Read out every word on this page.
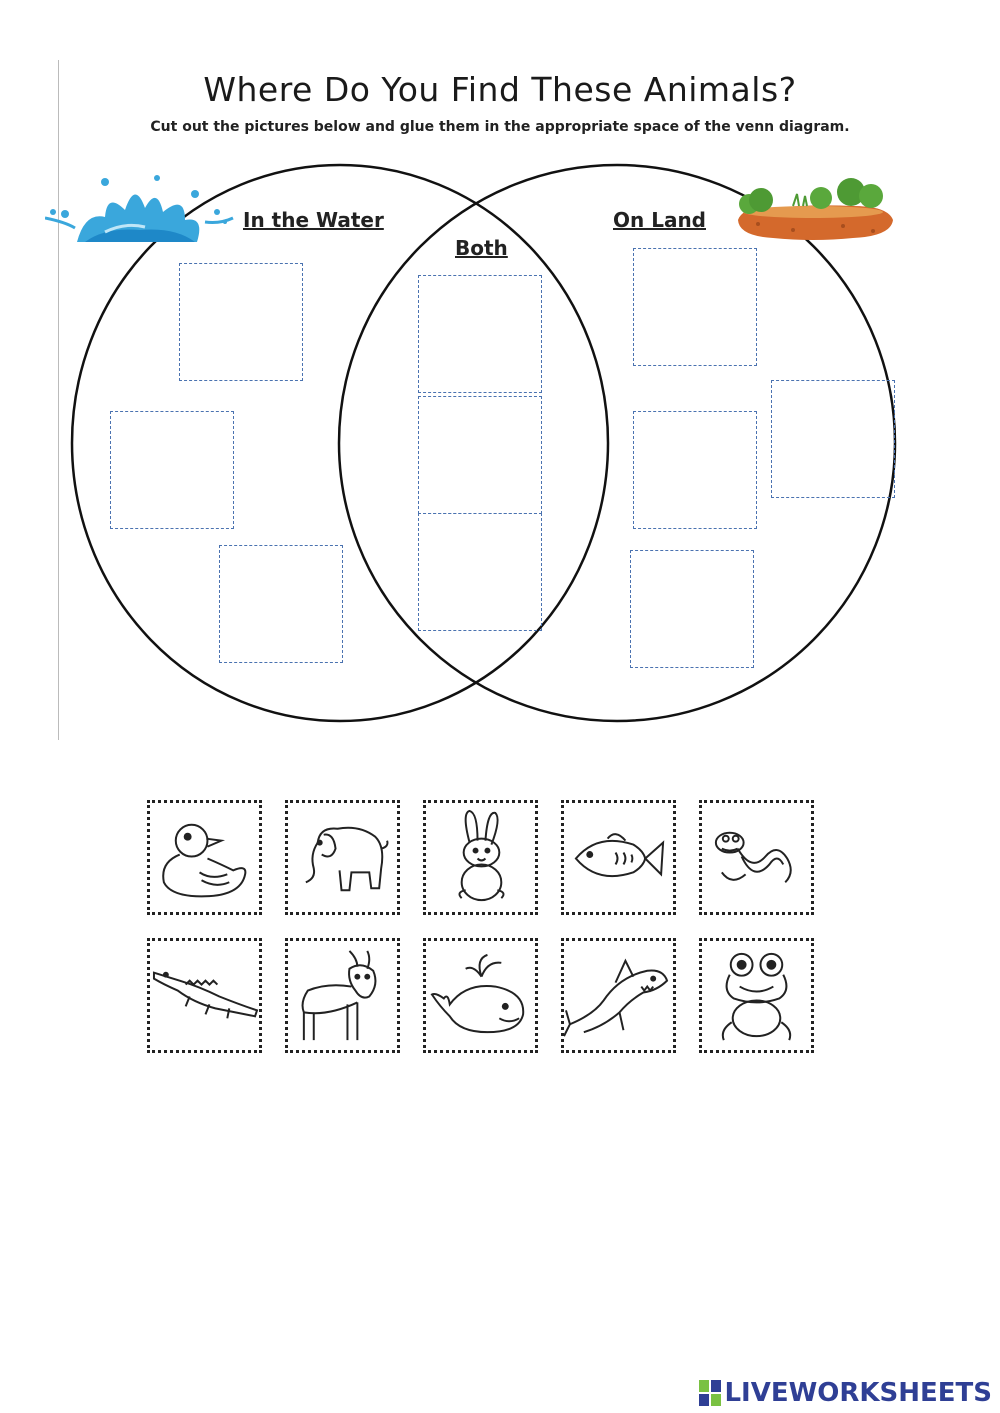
Where Do You Find These Animals?
Cut out the pictures below and glue them in the appropriate space of the venn diagram.
In the Water
Both
On Land
LIVEWORKSHEETS
